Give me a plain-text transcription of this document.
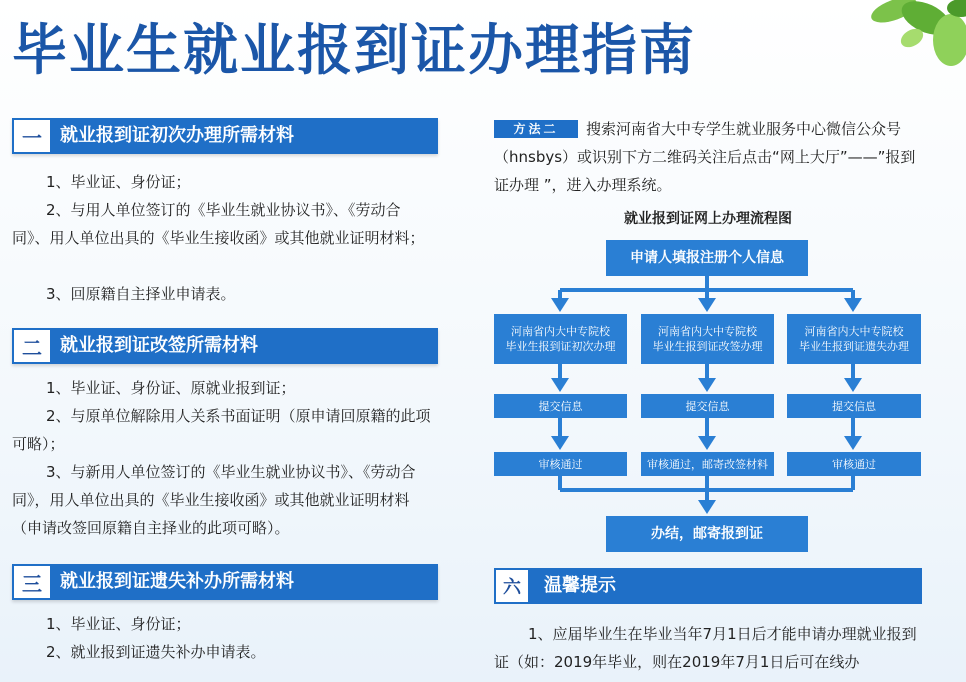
毕业生就业报到证办理指南
一	就业报到证初次办理所需材料

1、毕业证、身份证；

2、与用人单位签订的《毕业生就业协议书》、《劳动合同》、用人单位出具的《毕业生接收函》或其他就业证明材料；

3、回原籍自主择业申请表。

二	就业报到证改签所需材料

1、毕业证、身份证、原就业报到证；

2、与原单位解除用人关系书面证明（原申请回原籍的此项可略）；

3、与新用人单位签订的《毕业生就业协议书》、《劳动合同》，用人单位出具的《毕业生接收函》或其他就业证明材料（申请改签回原籍自主择业的此项可略）。

三	就业报到证遗失补办所需材料

1、毕业证、身份证；

2、就业报到证遗失补办申请表。

方法二	搜索河南省大中专学生就业服务中心微信公众号（hnsbys）或识别下方二维码关注后点击“网上大厅”——”报到证办理 ”，进入办理系统。

就业报到证网上办理流程图

申请人填报注册个人信息
河南省内大中专院校
毕业生报到证初次办理
河南省内大中专院校
毕业生报到证改签办理
河南省内大中专院校
毕业生报到证遗失办理
提交信息	提交信息	提交信息
审核通过	审核通过，邮寄改签材料	审核通过
办结，邮寄报到证
六	温馨提示

1、应届毕业生在毕业当年7月1日后才能申请办理就业报到证（如：2019年毕业，则在2019年7月1日后可在线办
